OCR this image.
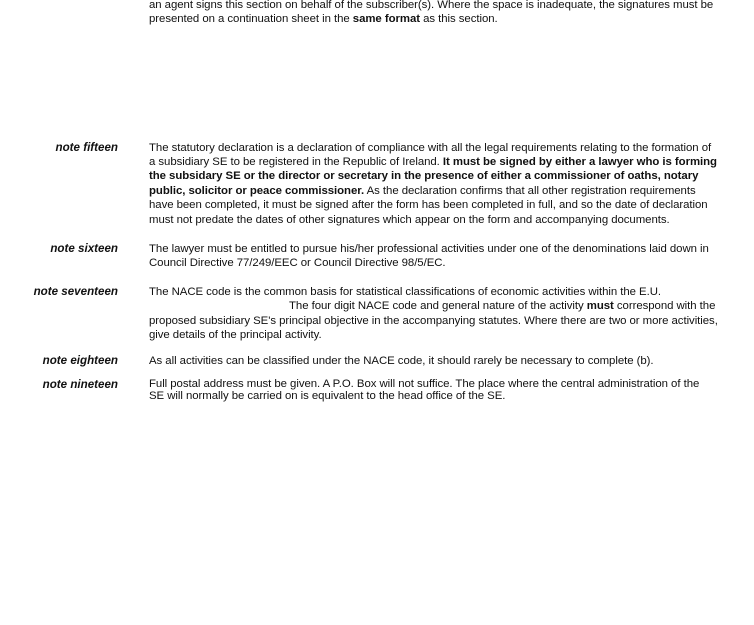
an agent signs this section on behalf of the subscriber(s). Where the space is inadequate, the signatures must be
presented on a continuation sheet in the same format as this section.
note fifteen	The statutory declaration is a declaration of compliance with all the legal requirements relating to the formation of
a subsidiary SE to be registered in the Republic of Ireland. It must be signed by either a lawyer who is forming
the subsidary SE or the director or secretary in the presence of either a commissioner of oaths, notary
public, solicitor or peace commissioner. As the declaration confirms that all other registration requirements
have been completed, it must be signed after the form has been completed in full, and so the date of declaration
must not predate the dates of other signatures which appear on the form and accompanying documents.
note sixteen	The lawyer must be entitled to pursue his/her professional activities under one of the denominations laid down in
Council Directive 77/249/EEC or Council Directive 98/5/EC.
note seventeen	The NACE code is the common basis for statistical classifications of economic activities within the E.U.
The four digit NACE code and general nature of the activity must correspond with the
proposed subsidiary SE's principal objective in the accompanying statutes. Where there are two or more activities,
give details of the principal activity.
note eighteen	As all activities can be classified under the NACE code, it should rarely be necessary to complete (b).
note nineteen	Full postal address must be given. A P.O. Box will not suffice. The place where the central administration of the
SE will normally be carried on is equivalent to the head office of the SE.
